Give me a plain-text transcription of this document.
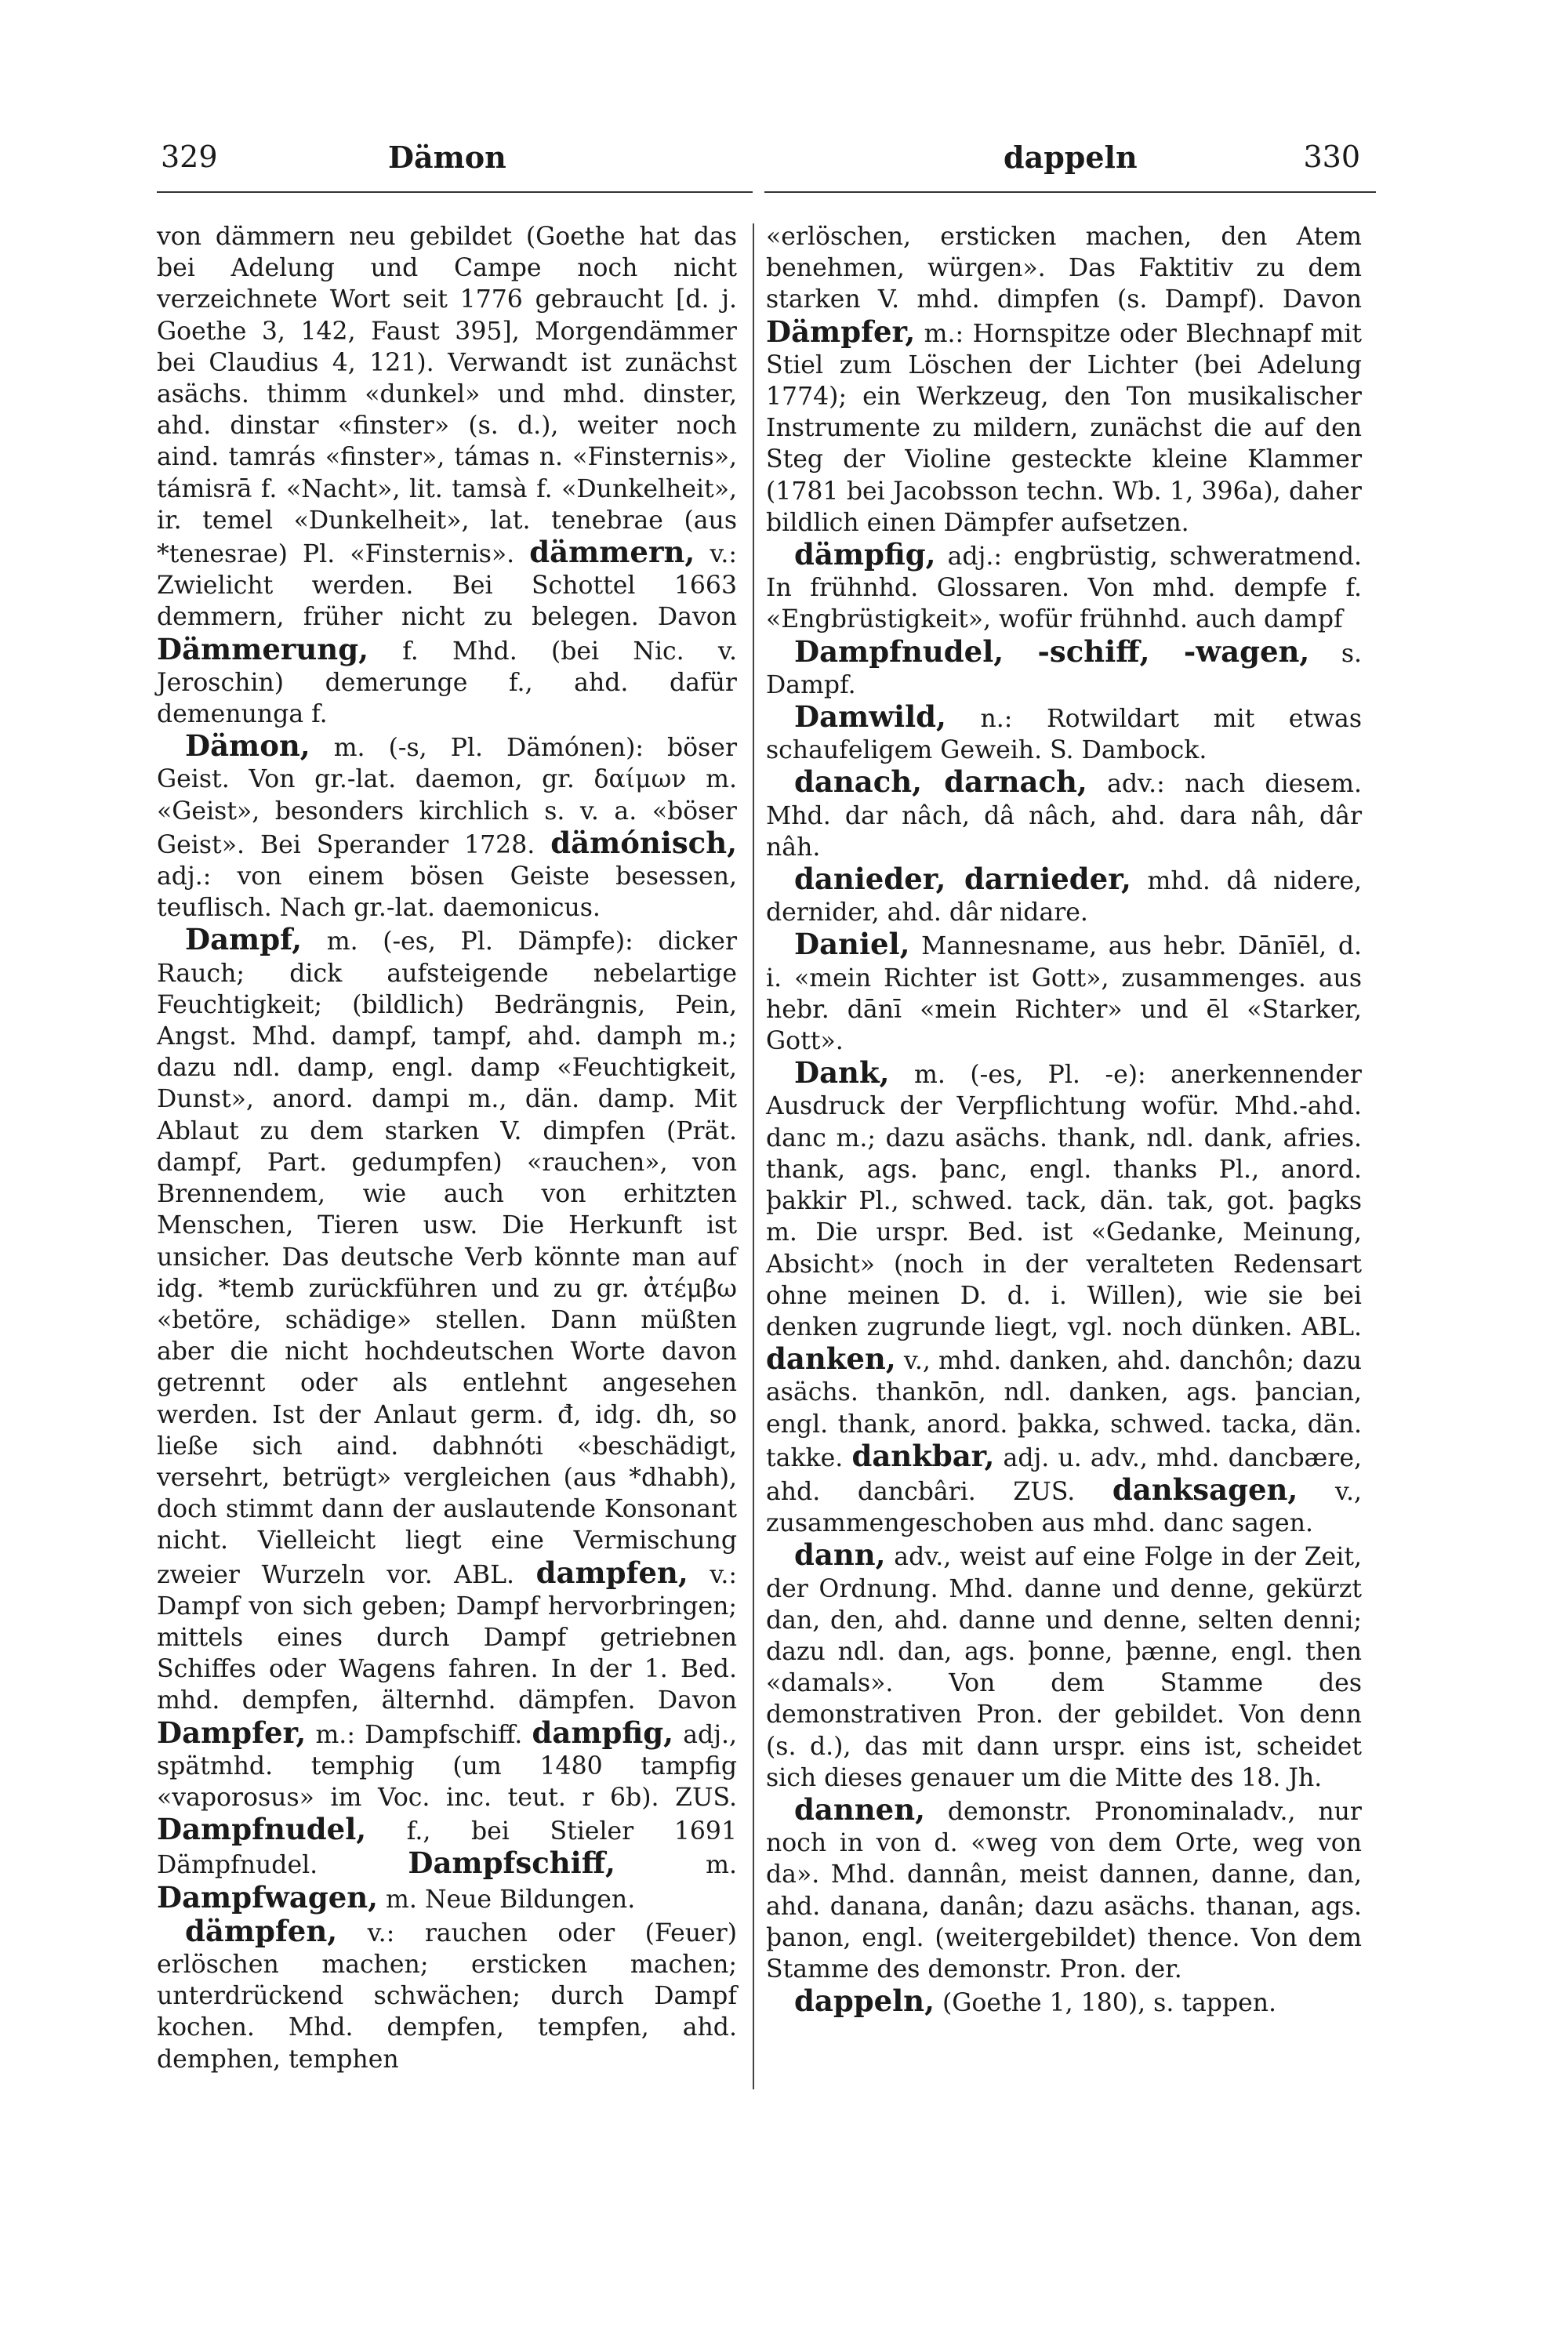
329	Dämon	dappeln	330

von dämmern neu gebildet (Goethe hat das bei Adelung und Campe noch nicht verzeichnete Wort seit 1776 gebraucht [d. j. Goethe 3, 142, Faust 395], Morgendämmer bei Claudius 4, 121). Verwandt ist zunächst asächs. thimm «dunkel» und mhd. dinster, ahd. dinstar «finster» (s. d.), weiter noch aind. tamrás «finster», támas n. «Finsternis», támisrā f. «Nacht», lit. tamsà f. «Dunkelheit», ir. temel «Dunkelheit», lat. tenebrae (aus *tenesrae) Pl. «Finsternis». dämmern, v.: Zwielicht werden. Bei Schottel 1663 demmern, früher nicht zu belegen. Davon Dämmerung, f. Mhd. (bei Nic. v. Jeroschin) demerunge f., ahd. dafür demenunga f.

Dämon, m. (-s, Pl. Dämónen): böser Geist. Von gr.-lat. daemon, gr. δαίμων m. «Geist», besonders kirchlich s. v. a. «böser Geist». Bei Sperander 1728. dämónisch, adj.: von einem bösen Geiste besessen, teuflisch. Nach gr.-lat. daemonicus.

Dampf, m. (-es, Pl. Dämpfe): dicker Rauch; dick aufsteigende nebelartige Feuchtigkeit; (bildlich) Bedrängnis, Pein, Angst. Mhd. dampf, tampf, ahd. damph m.; dazu ndl. damp, engl. damp «Feuchtigkeit, Dunst», anord. dampi m., dän. damp. Mit Ablaut zu dem starken V. dimpfen (Prät. dampf, Part. gedumpfen) «rauchen», von Brennendem, wie auch von erhitzten Menschen, Tieren usw. Die Herkunft ist unsicher. Das deutsche Verb könnte man auf idg. *temb zurückführen und zu gr. ἀτέμβω «betöre, schädige» stellen. Dann müßten aber die nicht hochdeutschen Worte davon getrennt oder als entlehnt angesehen werden. Ist der Anlaut germ. đ, idg. dh, so ließe sich aind. dabhnóti «beschädigt, versehrt, betrügt» vergleichen (aus *dhabh), doch stimmt dann der auslautende Konsonant nicht. Vielleicht liegt eine Vermischung zweier Wurzeln vor. ABL. dampfen, v.: Dampf von sich geben; Dampf hervorbringen; mittels eines durch Dampf getriebnen Schiffes oder Wagens fahren. In der 1. Bed. mhd. dempfen, älternhd. dämpfen. Davon Dampfer, m.: Dampfschiff. dampfig, adj., spätmhd. temphig (um 1480 tampfig «vaporosus» im Voc. inc. teut. r 6b). ZUS. Dampfnudel, f., bei Stieler 1691 Dämpfnudel.	Dampfschiff,	m. Dampfwagen, m. Neue Bildungen.

dämpfen, v.: rauchen oder (Feuer) erlöschen machen; ersticken machen; unterdrückend schwächen; durch Dampf kochen. Mhd. dempfen, tempfen, ahd. demphen, temphen

«erlöschen, ersticken machen, den Atem benehmen, würgen». Das Faktitiv zu dem starken V. mhd. dimpfen (s. Dampf). Davon Dämpfer, m.: Hornspitze oder Blechnapf mit Stiel zum Löschen der Lichter (bei Adelung 1774); ein Werkzeug, den Ton musikalischer Instrumente zu mildern, zunächst die auf den Steg der Violine gesteckte kleine Klammer (1781 bei Jacobsson techn. Wb. 1, 396a), daher bildlich einen Dämpfer aufsetzen.

dämpfig, adj.: engbrüstig, schweratmend. In frühnhd. Glossaren. Von mhd. dempfe f. «Engbrüstigkeit», wofür frühnhd. auch dampf

Dampfnudel, -schiff, -wagen, s. Dampf.

Damwild, n.: Rotwildart mit etwas schaufeligem Geweih. S. Dambock.

danach, darnach, adv.: nach diesem. Mhd. dar nâch, dâ nâch, ahd. dara nâh, dâr nâh.

danieder, darnieder, mhd. dâ nidere, dernider, ahd. dâr nidare.

Daniel, Mannesname, aus hebr. Dānīēl, d. i. «mein Richter ist Gott», zusammenges. aus hebr. dānī «mein Richter» und ēl «Starker, Gott».

Dank, m. (-es, Pl. -e): anerkennender Ausdruck der Verpflichtung wofür. Mhd.-ahd. danc m.; dazu asächs. thank, ndl. dank, afries. thank, ags. þanc, engl. thanks Pl., anord. þakkir Pl., schwed. tack, dän. tak, got. þagks m. Die urspr. Bed. ist «Gedanke, Meinung, Absicht» (noch in der veralteten Redensart ohne meinen D. d. i. Willen), wie sie bei denken zugrunde liegt, vgl. noch dünken. ABL. danken, v., mhd. danken, ahd. danchôn; dazu asächs. thankōn, ndl. danken, ags. þancian, engl. thank, anord. þakka, schwed. tacka, dän. takke. dankbar, adj. u. adv., mhd. dancbære, ahd. dancbâri. ZUS. danksagen, v., zusammengeschoben aus mhd. danc sagen.

dann, adv., weist auf eine Folge in der Zeit, der Ordnung. Mhd. danne und denne, gekürzt dan, den, ahd. danne und denne, selten denni; dazu ndl. dan, ags. þonne, þænne, engl. then «damals». Von dem Stamme des demonstrativen Pron. der gebildet. Von denn (s. d.), das mit dann urspr. eins ist, scheidet sich dieses genauer um die Mitte des 18. Jh.

dannen, demonstr. Pronominaladv., nur noch in von d. «weg von dem Orte, weg von da». Mhd. dannân, meist dannen, danne, dan, ahd. danana, danân; dazu asächs. thanan, ags. þanon, engl. (weitergebildet) thence. Von dem Stamme des demonstr. Pron. der.

dappeln, (Goethe 1, 180), s. tappen.
